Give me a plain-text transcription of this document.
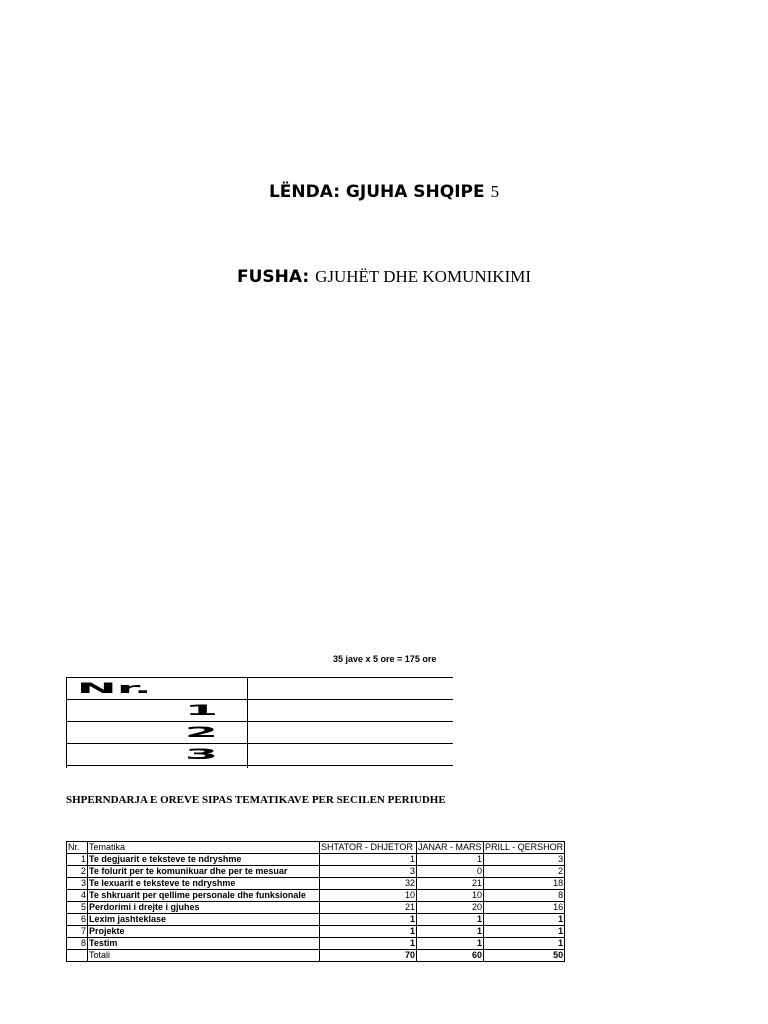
LËNDA: GJUHA SHQIPE 5
FUSHA: GJUHËT DHE KOMUNIKIMI
35 jave x 5 ore = 175 ore
Nr.	

1	

2	

3	

SHPERNDARJA E OREVE SIPAS TEMATIKAVE PER SECILEN PERIUDHE
Nr.	Tematika	SHTATOR - DHJETOR	JANAR - MARS	PRILL - QERSHOR
1	Te degjuarit e teksteve te ndryshme	1	1	3
2	Te folurit per te komunikuar dhe per te mesuar	3	0	2
3	Te lexuarit e teksteve te ndryshme	32	21	18
4	Te shkruarit per qellime personale dhe funksionale	10	10	8
5	Perdorimi i drejte i gjuhes	21	20	16
6	Lexim jashteklase	1	1	1
7	Projekte	1	1	1
8	Testim	1	1	1
	Totali	70	60	50
